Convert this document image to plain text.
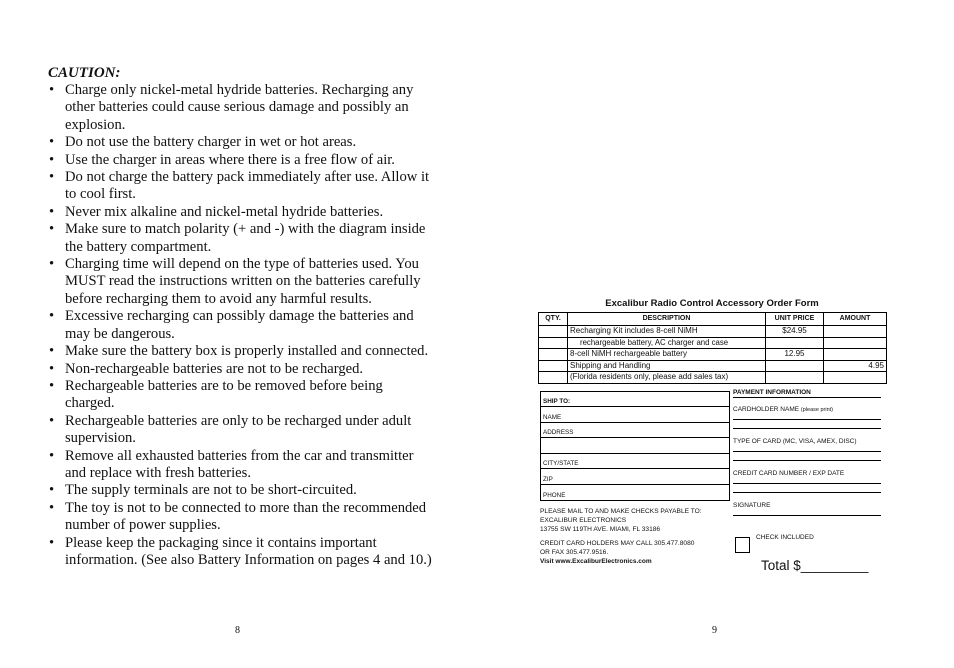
CAUTION:
• Charge only nickel-metal hydride batteries. Recharging any other batteries could cause serious damage and possibly an explosion.
• Do not use the battery charger in wet or hot areas.
• Use the charger in areas where there is a free flow of air.
• Do not charge the battery pack immediately after use. Allow it to cool first.
• Never mix alkaline and nickel-metal hydride batteries.
• Make sure to match polarity (+ and -) with the diagram inside the battery compartment.
• Charging time will depend on the type of batteries used. You MUST read the instructions written on the batteries carefully before recharging them to avoid any harmful results.
• Excessive recharging can possibly damage the batteries and may be dangerous.
• Make sure the battery box is properly installed and connected.
• Non-rechargeable batteries are not to be recharged.
• Rechargeable batteries are to be removed before being charged.
• Rechargeable batteries are only to be recharged under adult supervision.
• Remove all exhausted batteries from the car and transmitter and replace with fresh batteries.
• The supply terminals are not to be short-circuited.
• The toy is not to be connected to more than the recommended number of power supplies.
• Please keep the packaging since it contains important information. (See also Battery Information on pages 4 and 10.)
8
Excalibur Radio Control Accessory Order Form
QTY.	DESCRIPTION	UNIT PRICE	AMOUNT
	Recharging Kit includes 8-cell NiMH	$24.95	
	rechargeable battery, AC charger and case		
	8-cell NiMH rechargeable battery	12.95	
	Shipping and Handling		4.95
	(Florida residents only, please add sales tax)		
SHIP TO:
NAME
ADDRESS
CITY/STATE
ZIP
PHONE
PAYMENT INFORMATION
CARDHOLDER NAME (please print)
TYPE OF CARD (MC, VISA, AMEX, DISC)
CREDIT CARD NUMBER / EXP DATE
SIGNATURE
PLEASE MAIL TO AND MAKE CHECKS PAYABLE TO:
EXCALIBUR ELECTRONICS
13755 SW 119TH AVE. MIAMI, FL 33186
CREDIT CARD HOLDERS MAY CALL 305.477.8080
OR FAX 305.477.9516.
Visit www.ExcaliburElectronics.com
CHECK INCLUDED
Total $_________
9
